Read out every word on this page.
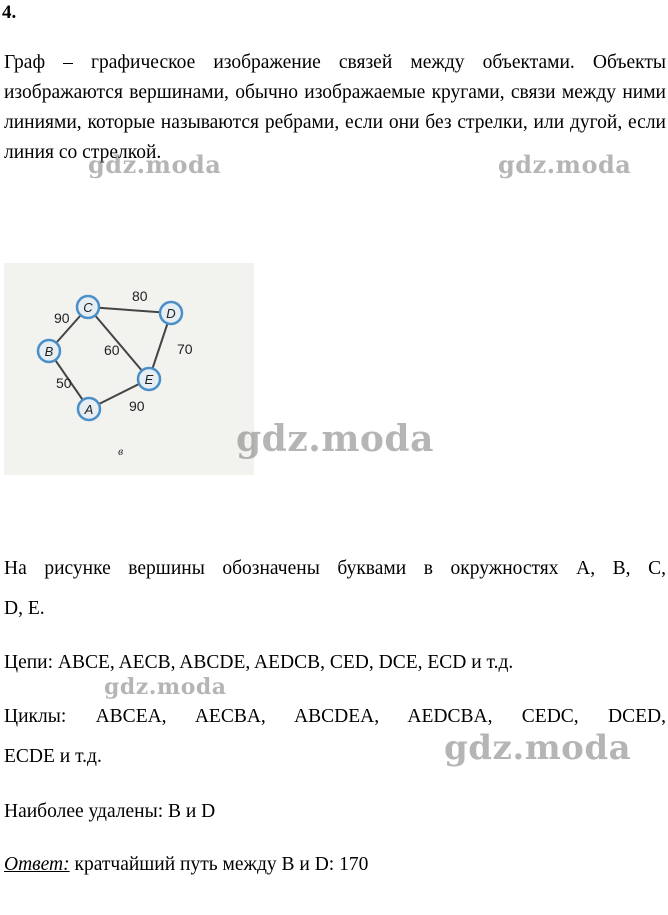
4.
Граф – графическое изображение связей между объектами. Объекты изображаются вершинами, обычно изображаемые кругами, связи между ними линиями, которые называются ребрами, если они без стрелки, или дугой, если линия со стрелкой.
80
90
60	70
50
90
A
B
C	D
E
в
На рисунке вершины обозначены буквами в окружностях A, B, C,
D, E.
Цепи: ABCE, AECB, ABCDE, AEDCB, CED, DCE, ECD и т.д.
Циклы: ABCEA, AECBA, ABCDEA, AEDCBA, CEDC, DCED,
ECDE и т.д.
Наиболее удалены: B и D
Ответ: кратчайший путь между B и D: 170
gdz.moda	gdz.moda
gdz.moda
gdz.moda
gdz.moda
